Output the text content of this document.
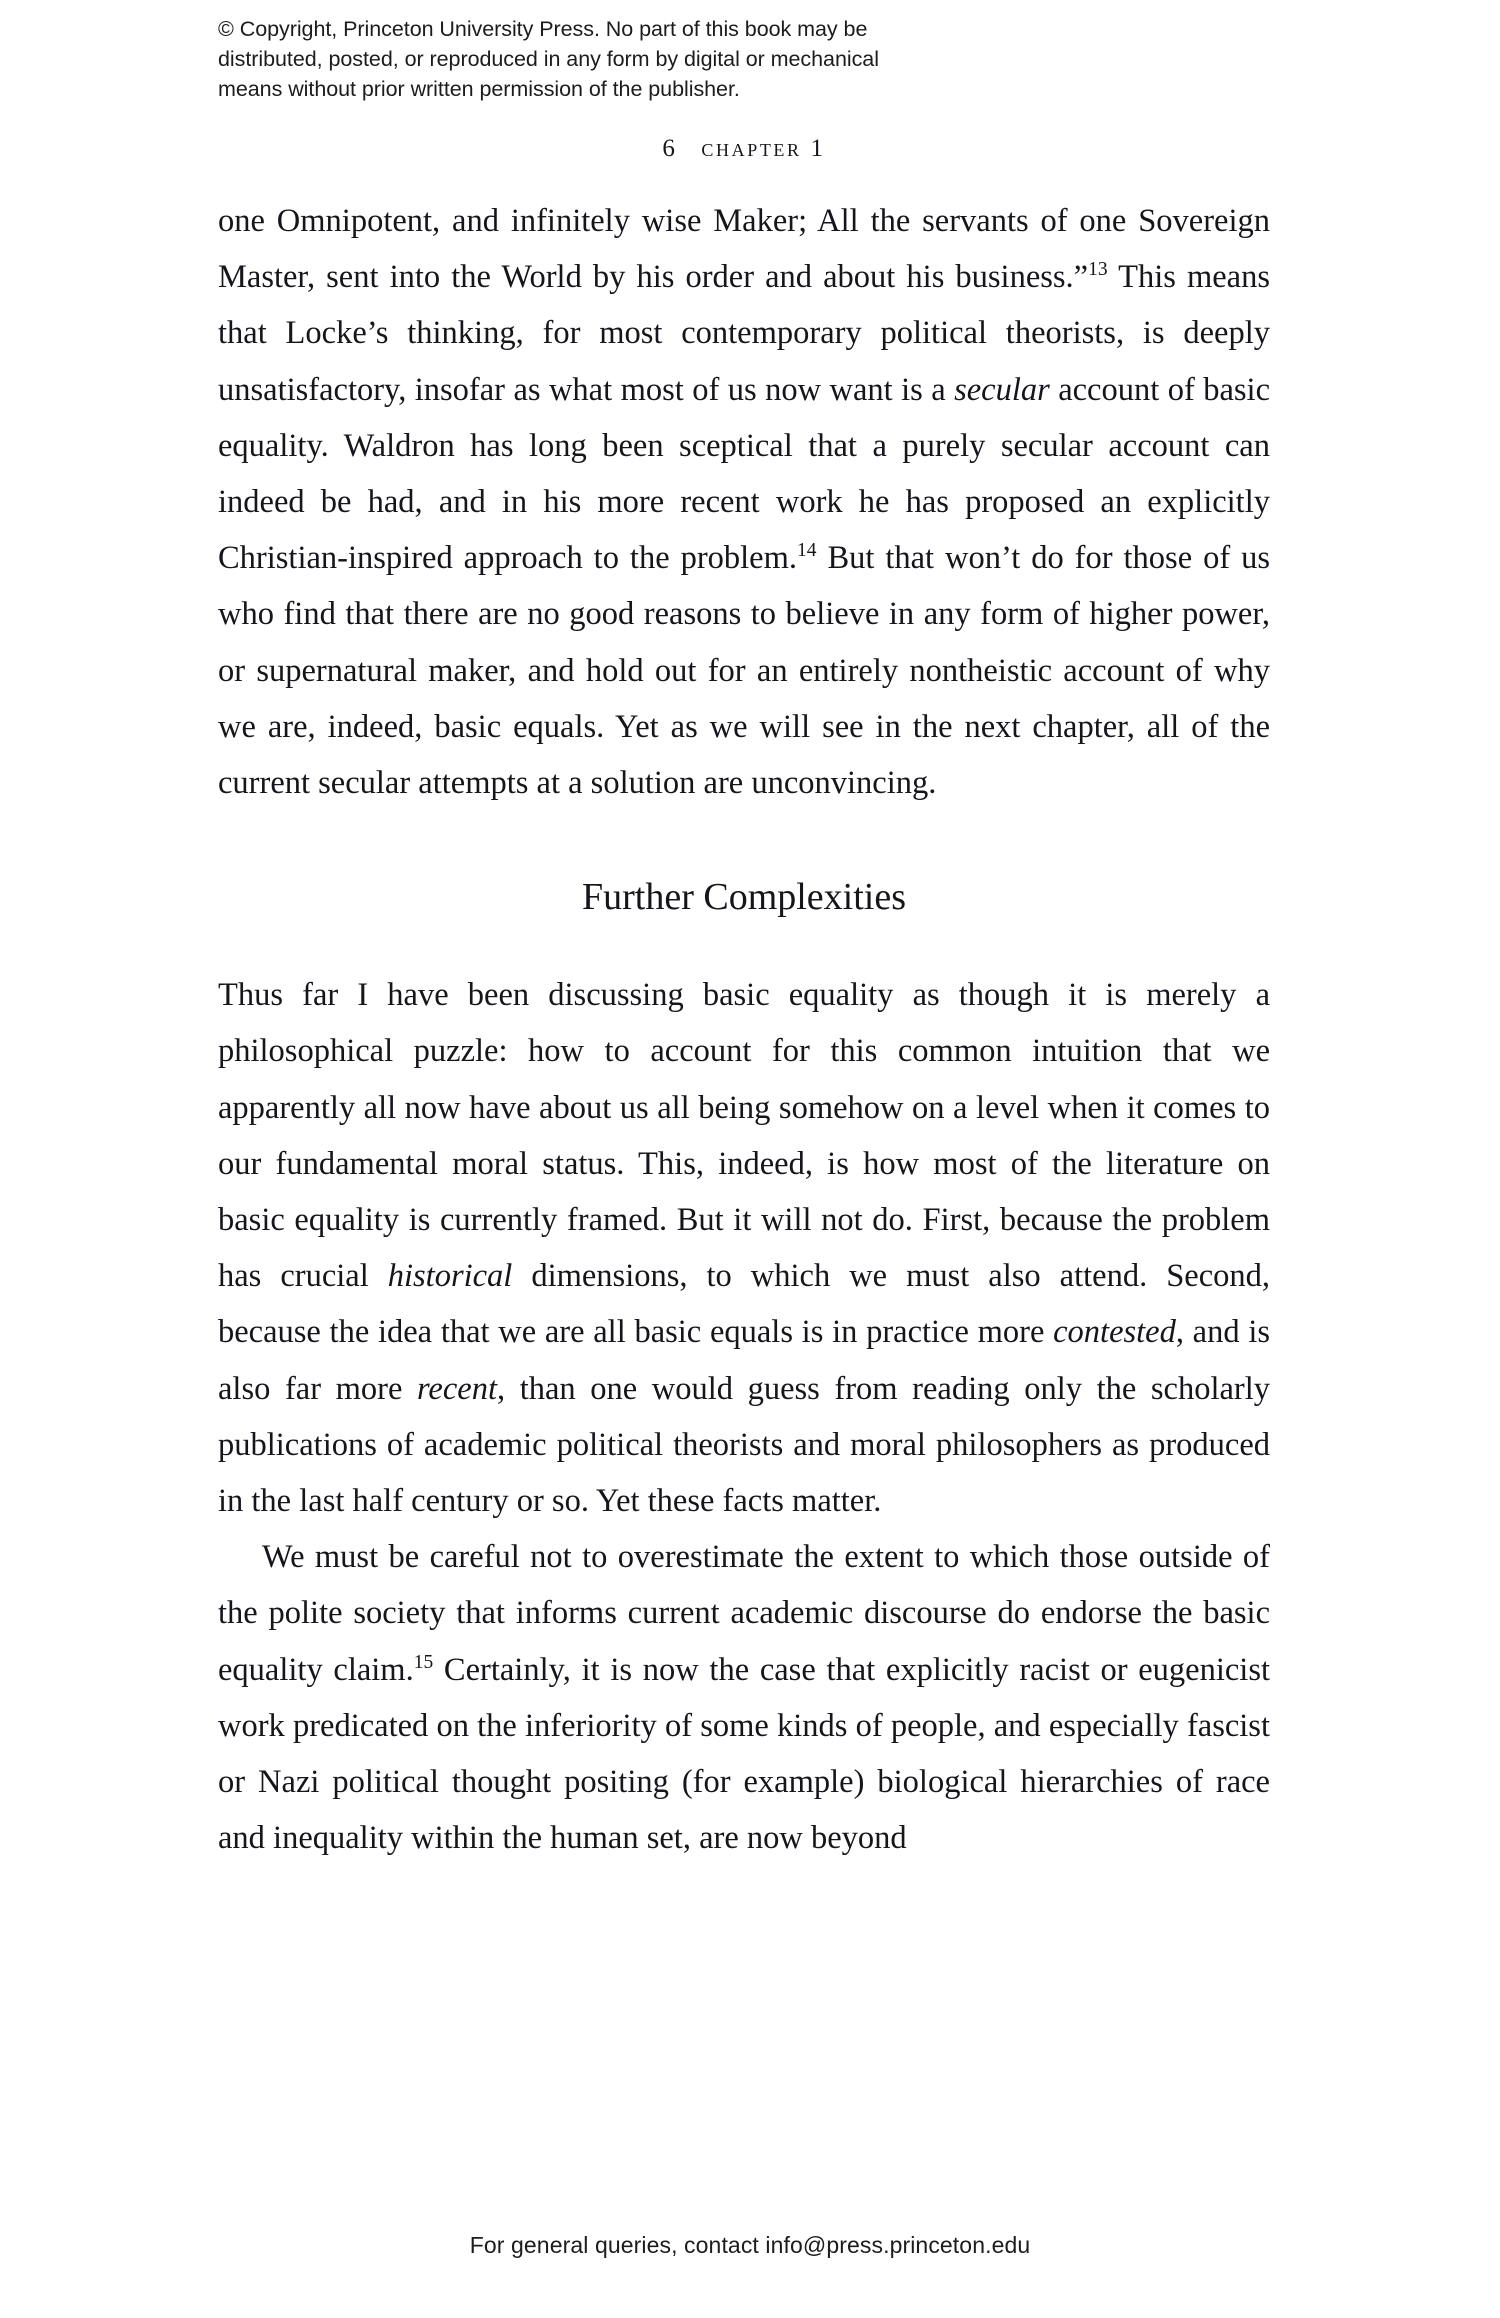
© Copyright, Princeton University Press. No part of this book may be
distributed, posted, or reproduced in any form by digital or mechanical
means without prior written permission of the publisher.
6 chapter 1

one Omnipotent, and infinitely wise Maker; All the servants of one Sovereign Master, sent into the World by his order and about his business.”$^{13}$ This means that Locke’s thinking, for most contemporary political theorists, is deeply unsatisfactory, insofar as what most of us now want is a secular account of basic equality. Waldron has long been sceptical that a purely secular account can indeed be had, and in his more recent work he has proposed an explicitly Christian-inspired approach to the problem.$^{14}$ But that won’t do for those of us who find that there are no good reasons to believe in any form of higher power, or supernatural maker, and hold out for an entirely nontheistic account of why we are, indeed, basic equals. Yet as we will see in the next chapter, all of the current secular attempts at a solution are unconvincing.

Further Complexities

Thus far I have been discussing basic equality as though it is merely a philosophical puzzle: how to account for this common intuition that we apparently all now have about us all being somehow on a level when it comes to our fundamental moral status. This, indeed, is how most of the literature on basic equality is currently framed. But it will not do. First, because the problem has crucial historical dimensions, to which we must also attend. Second, because the idea that we are all basic equals is in practice more contested, and is also far more recent, than one would guess from reading only the scholarly publications of academic political theorists and moral philosophers as produced in the last half century or so. Yet these facts matter.

We must be careful not to overestimate the extent to which those outside of the polite society that informs current academic discourse do endorse the basic equality claim.$^{15}$ Certainly, it is now the case that explicitly racist or eugenicist work predicated on the inferiority of some kinds of people, and especially fascist or Nazi political thought positing (for example) biological hierarchies of race and inequality within the human set, are now beyond

For general queries, contact info@press.princeton.edu
